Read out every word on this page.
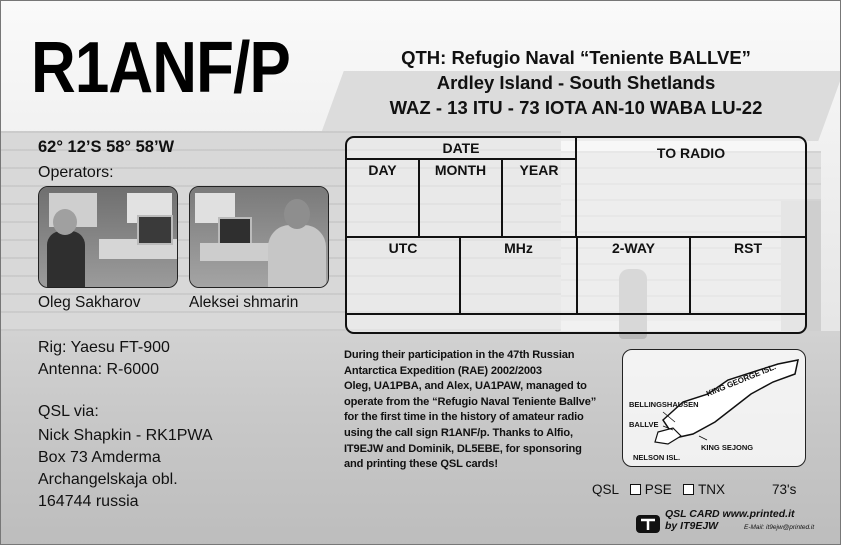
R1ANF/P	QTH: Refugio Naval “Teniente BALLVE”
Ardley Island - South Shetlands
WAZ - 13 ITU - 73 IOTA AN-10 WABA LU-22
62° 12’S 58° 58’W
Operators:
Oleg Sakharov	Aleksei shmarin
Rig: Yaesu FT-900
Antenna: R-6000
QSL via:
Nick Shapkin - RK1PWA
Box 73 Amderma
Archangelskaja obl.
164744 russia
DATE
DAY	MONTH	YEAR
TO RADIO
UTC	MHz	2-WAY	RST
During their participation in the 47th Russian
Antarctica Expedition (RAE) 2002/2003
Oleg, UA1PBA, and Alex, UA1PAW, managed to
operate from the “Refugio Naval Teniente Ballve”
for the first time in the history of amateur radio
using the call sign R1ANF/p. Thanks to Alfio,
IT9EJW and Dominik, DL5EBE, for sponsoring
and printing these QSL cards!
BELLINGSHAUSEN
BALLVE
KING GEORGE ISL.
KING SEJONG
NELSON ISL.
QSL PSE TNX	73's
QSL CARD www.printed.it
by IT9EJW	E-Mail: it9ejw@printed.it
